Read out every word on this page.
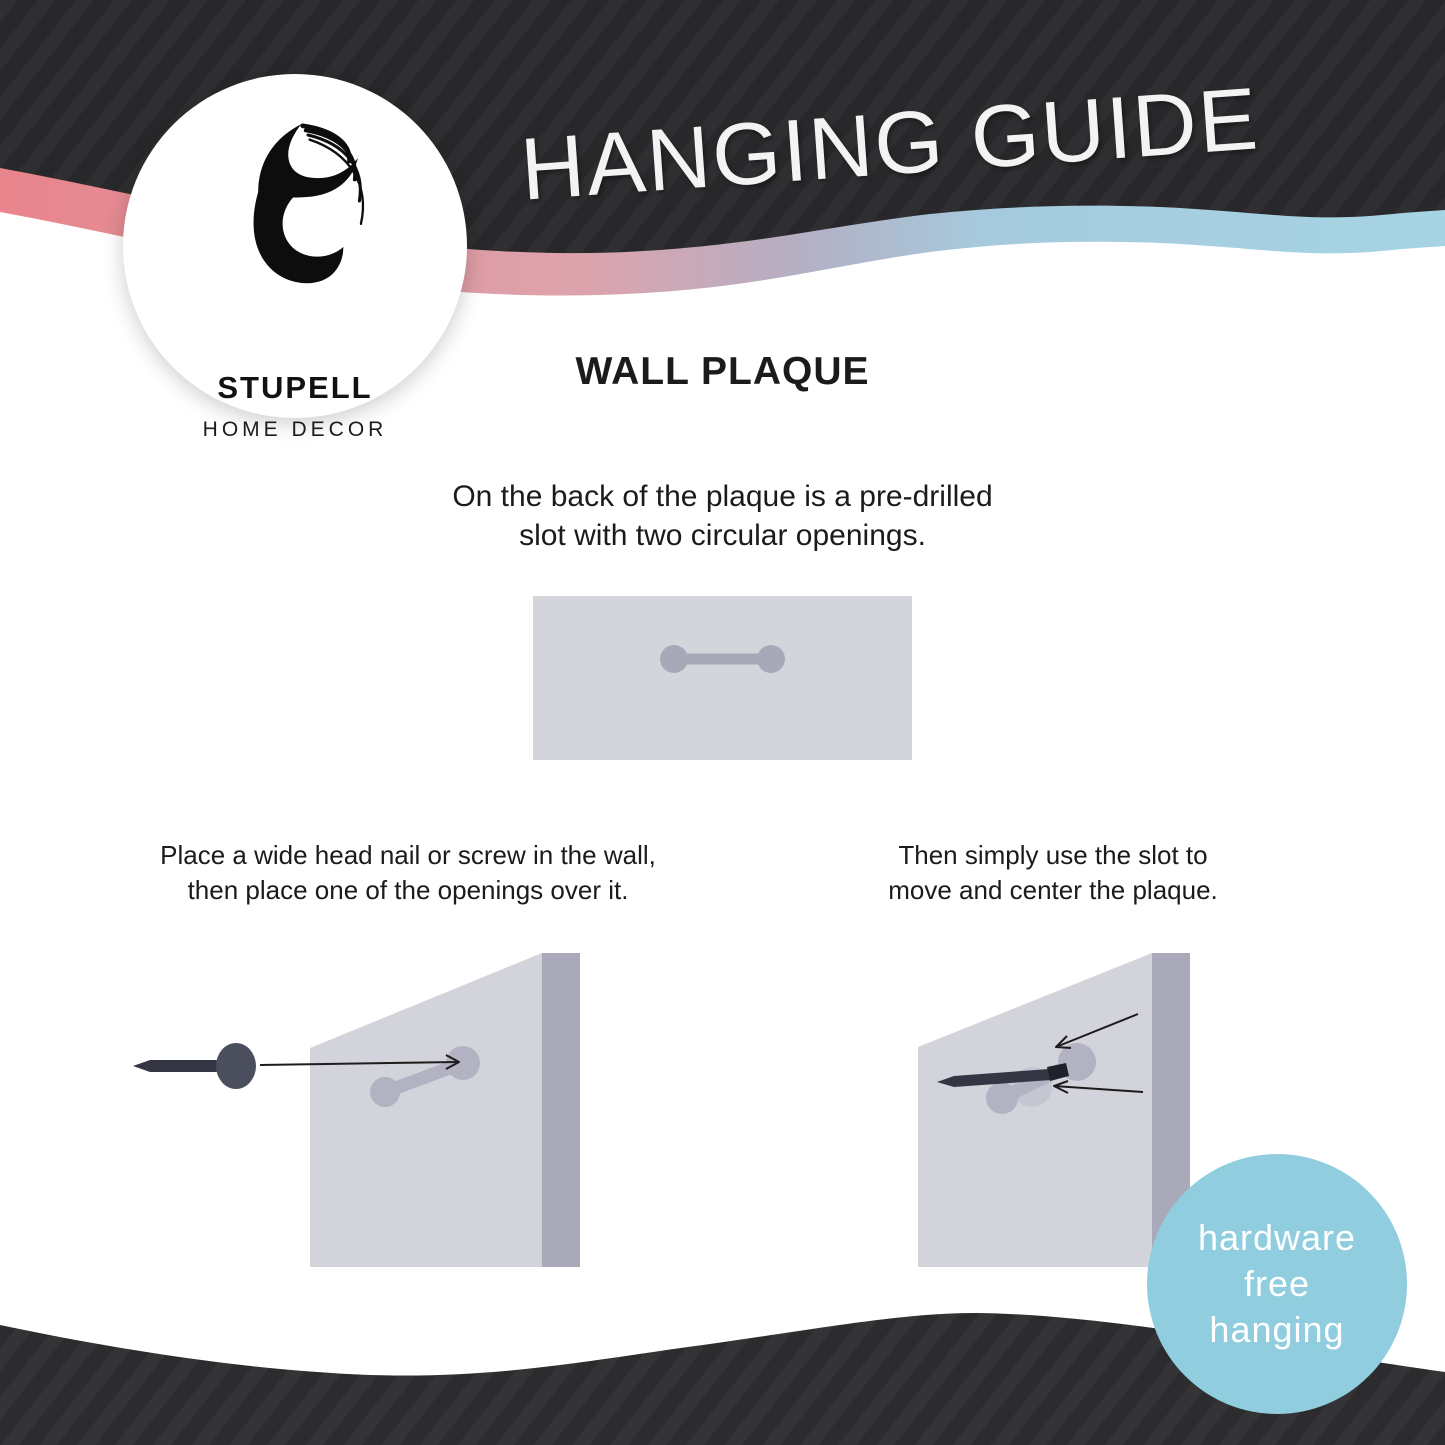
HANGING GUIDE
STUPELL
HOME DECOR
WALL PLAQUE
On the back of the plaque is a pre-drilled
slot with two circular openings.
Place a wide head nail or screw in the wall,
then place one of the openings over it.
Then simply use the slot to
move and center the plaque.
hardware
free
hanging
